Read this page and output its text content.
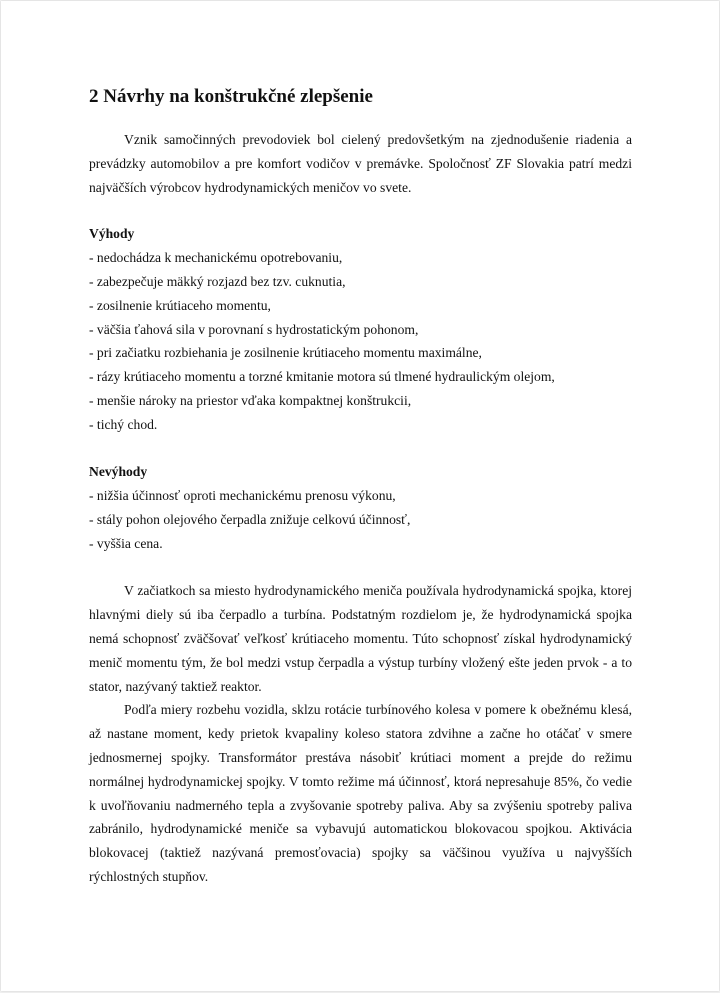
2 Návrhy na konštrukčné zlepšenie

Vznik samočinných prevodoviek bol cielený predovšetkým na zjednodušenie riadenia a prevádzky automobilov a pre komfort vodičov v premávke. Spoločnosť ZF Slovakia patrí medzi najväčších výrobcov hydrodynamických meničov vo svete.

Výhody
- nedochádza k mechanickému opotrebovaniu,
- zabezpečuje mäkký rozjazd bez tzv. cuknutia,
- zosilnenie krútiaceho momentu,
- väčšia ťahová sila v porovnaní s hydrostatickým pohonom,
- pri začiatku rozbiehania je zosilnenie krútiaceho momentu maximálne,
- rázy krútiaceho momentu a torzné kmitanie motora sú tlmené hydraulickým olejom,
- menšie nároky na priestor vďaka kompaktnej konštrukcii,
- tichý chod.
Nevýhody
- nižšia účinnosť oproti mechanickému prenosu výkonu,
- stály pohon olejového čerpadla znižuje celkovú účinnosť,
- vyššia cena.

V začiatkoch sa miesto hydrodynamického meniča používala hydrodynamická spojka, ktorej hlavnými diely sú iba čerpadlo a turbína. Podstatným rozdielom je, že hydrodynamická spojka nemá schopnosť zväčšovať veľkosť krútiaceho momentu. Túto schopnosť získal hydrodynamický menič momentu tým, že bol medzi vstup čerpadla a výstup turbíny vložený ešte jeden prvok - a to stator, nazývaný taktiež reaktor.

Podľa miery rozbehu vozidla, sklzu rotácie turbínového kolesa v pomere k obežnému klesá, až nastane moment, kedy prietok kvapaliny koleso statora zdvihne a začne ho otáčať v smere jednosmernej spojky. Transformátor prestáva násobiť krútiaci moment a prejde do režimu normálnej hydrodynamickej spojky. V tomto režime má účinnosť, ktorá nepresahuje 85%, čo vedie k uvoľňovaniu nadmerného tepla a zvyšovanie spotreby paliva. Aby sa zvýšeniu spotreby paliva zabránilo, hydrodynamické meniče sa vybavujú automatickou blokovacou spojkou. Aktivácia blokovacej (taktiež nazývaná premosťovacia) spojky sa väčšinou využíva u najvyšších rýchlostných stupňov.
